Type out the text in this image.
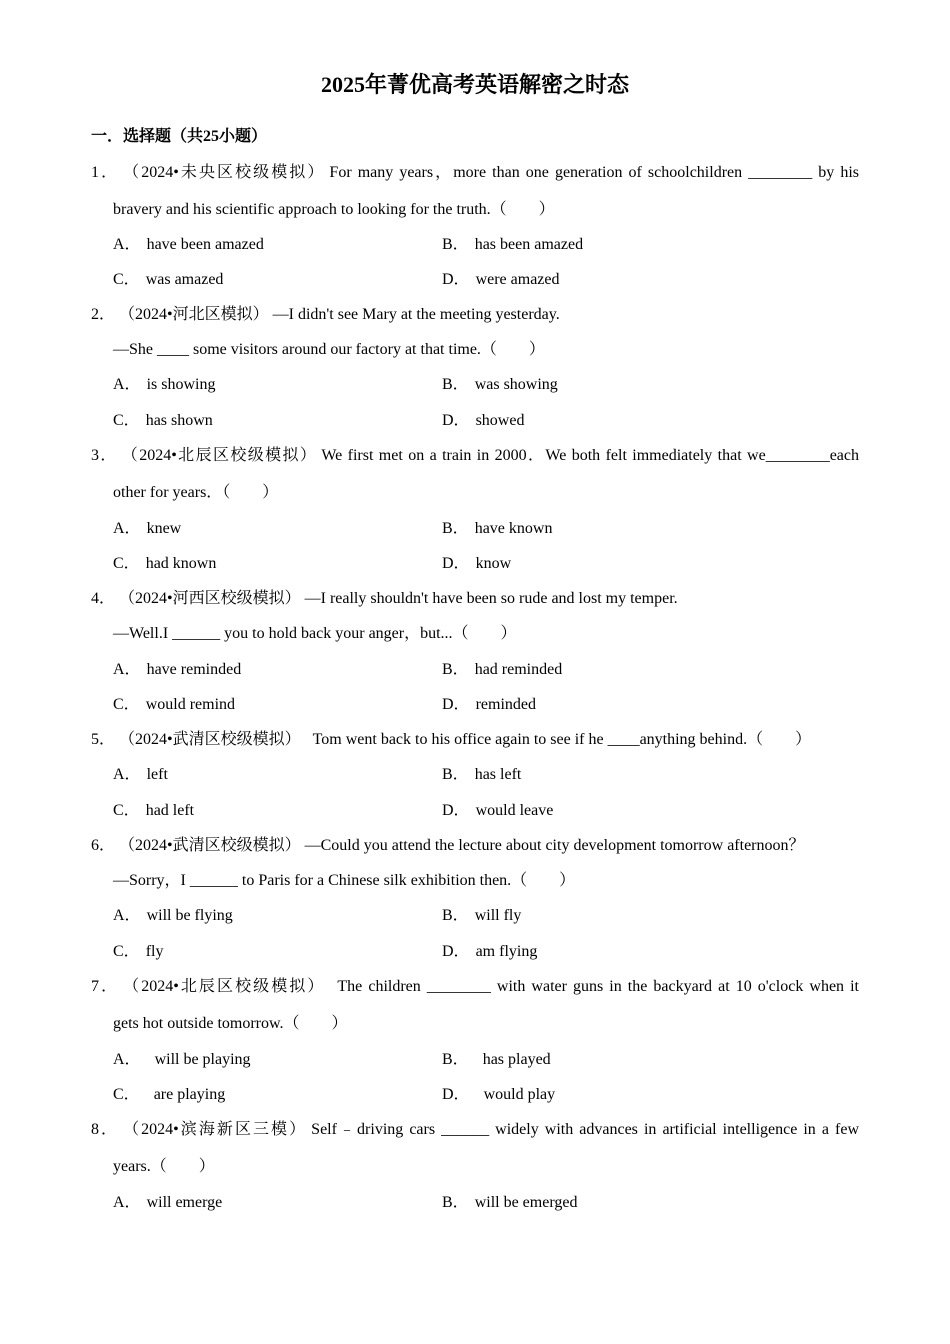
2025年菁优高考英语解密之时态
一．选择题（共25小题）
1． （2024•未央区校级模拟） For many years，more than one generation of schoolchildren ________ by his
bravery and his scientific approach to looking for the truth.（　　）
A． have been amazed	B． has been amazed
C． was amazed	D． were amazed
2． （2024•河北区模拟） —I didn't see Mary at the meeting yesterday.
—She ____ some visitors around our factory at that time.（　　）
A． is showing	B． was showing
C． has shown	D． showed
3． （2024•北辰区校级模拟） We first met on a train in 2000．We both felt immediately that we________each
other for years．（　　）
A． knew	B． have known
C． had known	D． know
4． （2024•河西区校级模拟） —I really shouldn't have been so rude and lost my temper.
—Well.I ______ you to hold back your anger，but...（　　）
A． have reminded	B． had reminded
C． would remind	D． reminded
5． （2024•武清区校级模拟） Tom went back to his office again to see if he ____anything behind.（　　）
A． left	B． has left
C． had left	D． would leave
6． （2024•武清区校级模拟） —Could you attend the lecture about city development tomorrow afternoon？
—Sorry，I ______ to Paris for a Chinese silk exhibition then.（　　）
A． will be flying	B． will fly
C． fly	D． am flying
7． （2024•北辰区校级模拟） The children ________ with water guns in the backyard at 10 o'clock when it
gets hot outside tomorrow.（　　）
A． will be playing	B． has played
C． are playing	D． would play
8． （2024•滨海新区三模） Self﹣driving cars ______ widely with advances in artificial intelligence in a few
years.（　　）
A． will emerge	B． will be emerged
